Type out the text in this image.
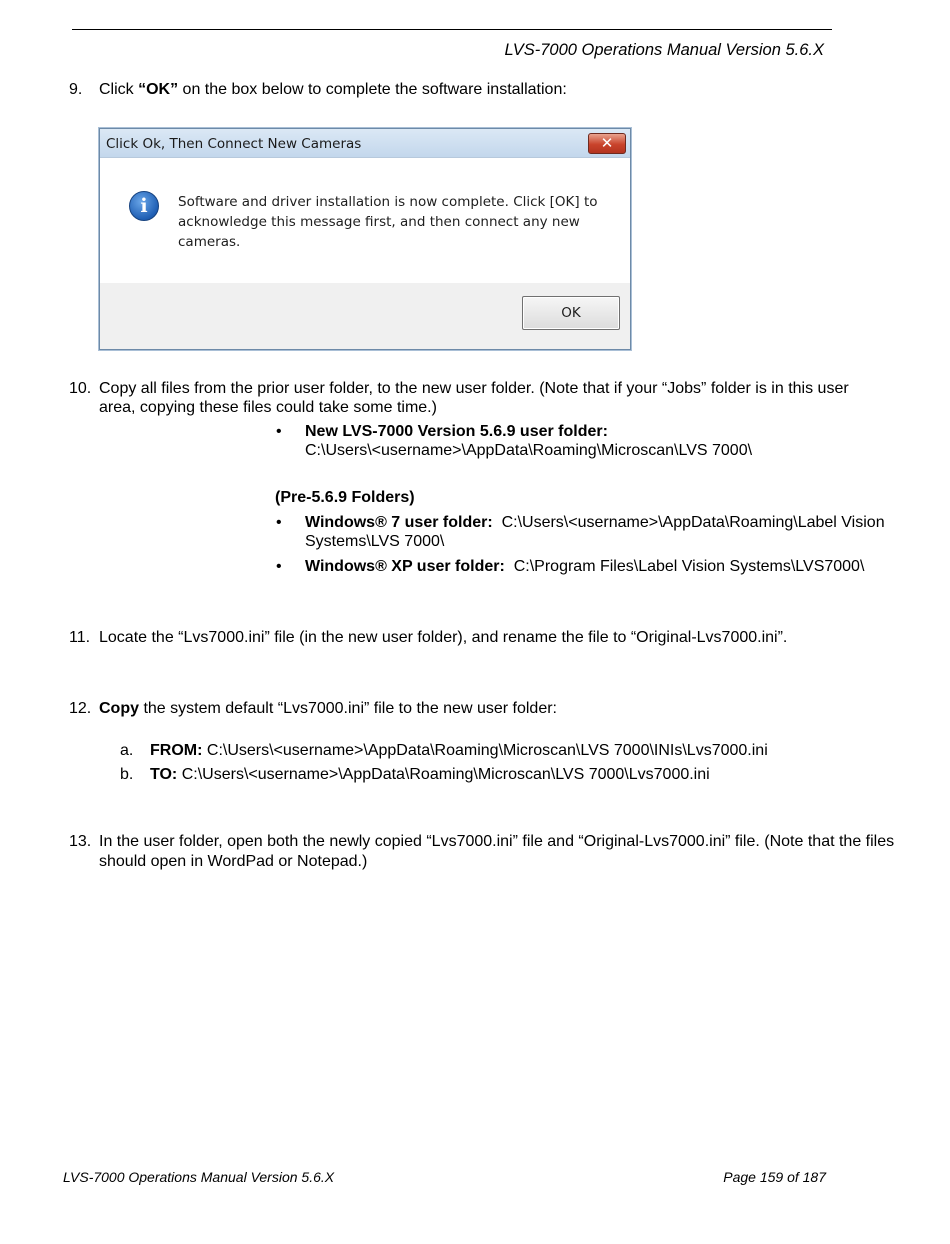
LVS-7000 Operations Manual Version 5.6.X
9.	Click “OK” on the box below to complete the software installation:
Click Ok, Then Connect New Cameras	✕
i	Software and driver installation is now complete. Click [OK] to acknowledge this message first, and then connect any new cameras.
OK
10. Copy all files from the prior user folder, to the new user folder. (Note that if your “Jobs” folder is in this user area, copying these files could take some time.)
• New LVS-7000 Version 5.6.9 user folder:
C:\Users\<username>\AppData\Roaming\Microscan\LVS 7000\
(Pre-5.6.9 Folders)
• Windows® 7 user folder: C:\Users\<username>\AppData\Roaming\Label Vision Systems\LVS 7000\
• Windows® XP user folder: C:\Program Files\Label Vision Systems\LVS7000\
11. Locate the “Lvs7000.ini” file (in the new user folder), and rename the file to “Original-Lvs7000.ini”.
12. Copy the system default “Lvs7000.ini” file to the new user folder:
a. FROM: C:\Users\<username>\AppData\Roaming\Microscan\LVS 7000\INIs\Lvs7000.ini
b. TO: C:\Users\<username>\AppData\Roaming\Microscan\LVS 7000\Lvs7000.ini
13. In the user folder, open both the newly copied “Lvs7000.ini” file and “Original-Lvs7000.ini” file. (Note that the files should open in WordPad or Notepad.)
LVS-7000 Operations Manual Version 5.6.X	Page 159 of 187
